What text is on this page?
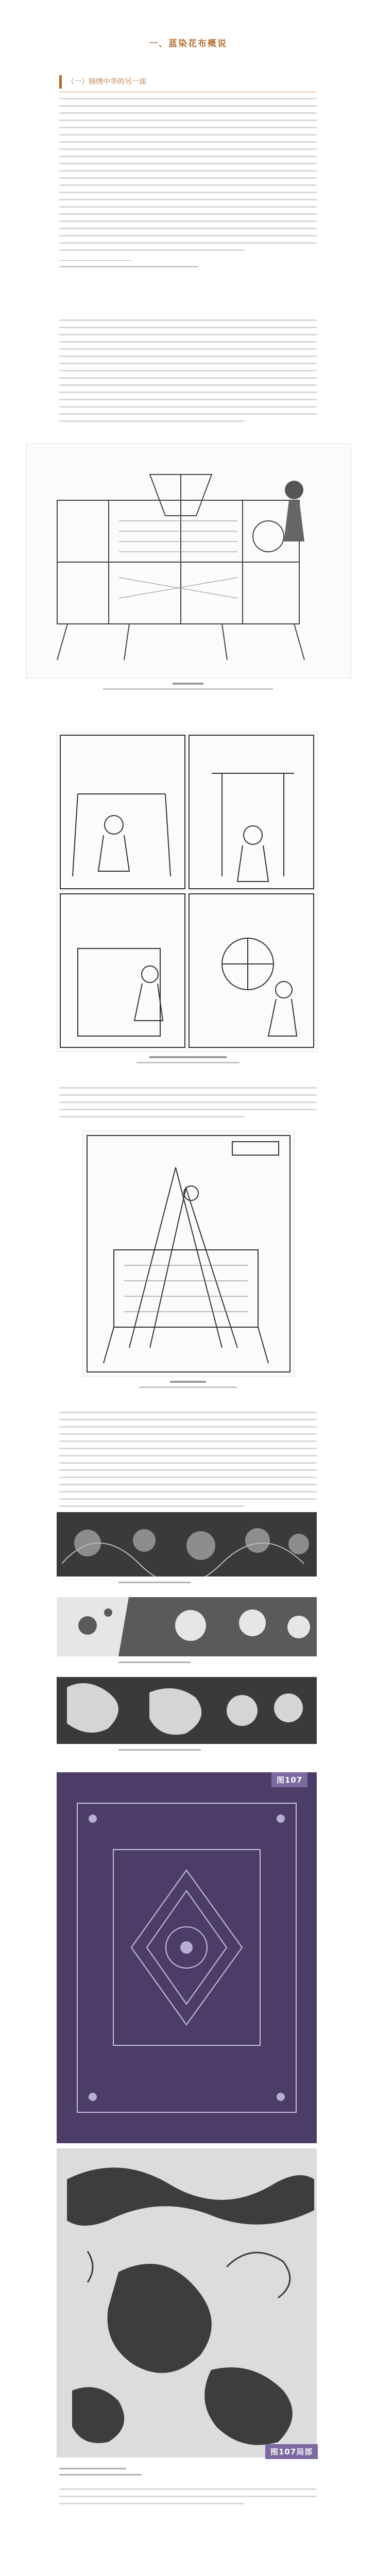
一、蓝染花布概说
（一）锦绣中华的另一面
图107
图107局部
